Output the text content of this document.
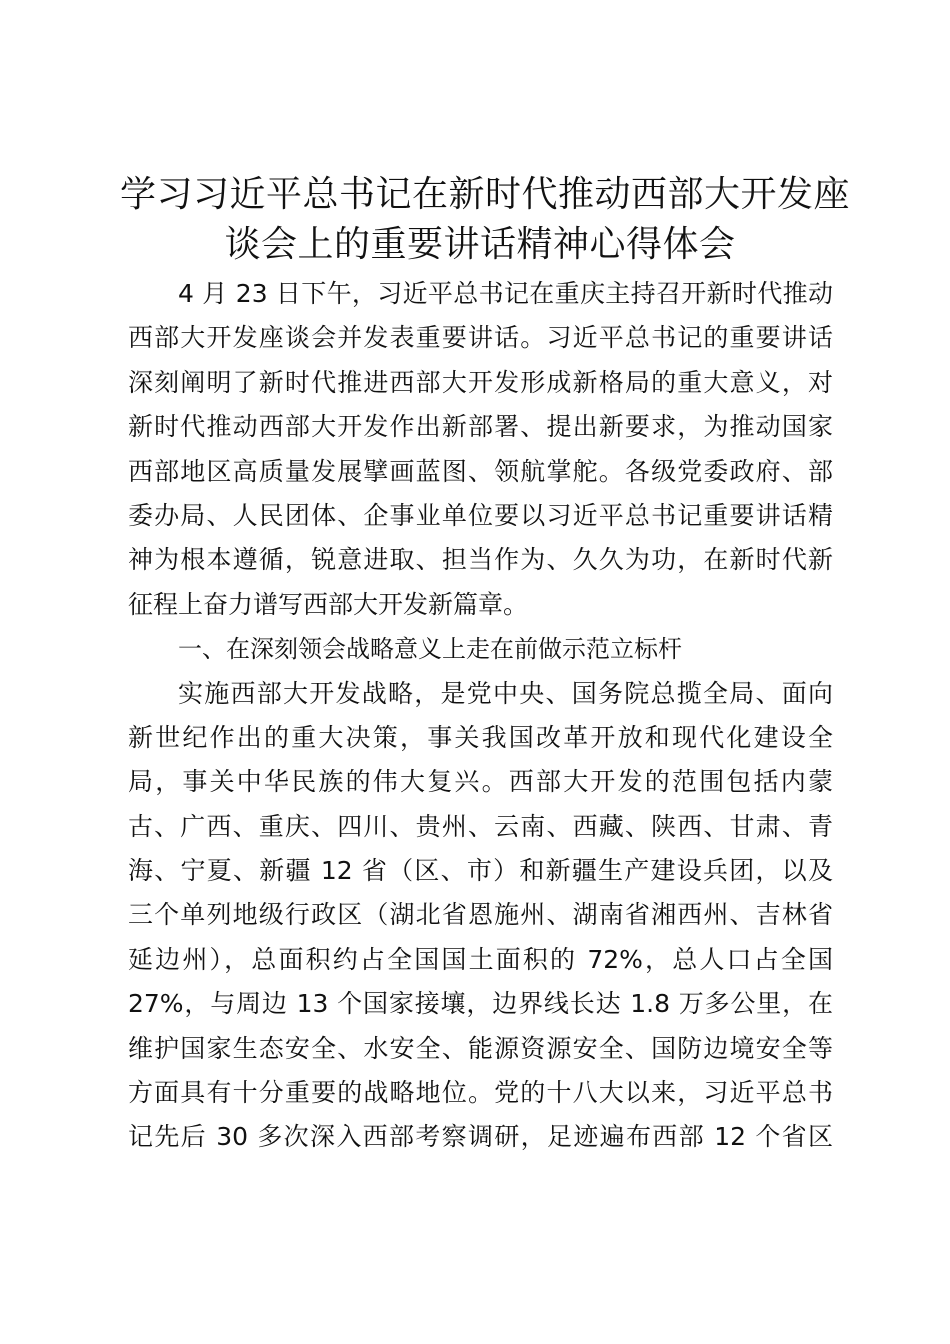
学习习近平总书记在新时代推动西部大开发座
谈会上的重要讲话精神心得体会
4 月 23 日下午，习近平总书记在重庆主持召开新时代推动
西部大开发座谈会并发表重要讲话。习近平总书记的重要讲话
深刻阐明了新时代推进西部大开发形成新格局的重大意义，对
新时代推动西部大开发作出新部署、提出新要求，为推动国家
西部地区高质量发展擘画蓝图、领航掌舵。各级党委政府、部
委办局、人民团体、企事业单位要以习近平总书记重要讲话精
神为根本遵循，锐意进取、担当作为、久久为功，在新时代新
征程上奋力谱写西部大开发新篇章。
一、在深刻领会战略意义上走在前做示范立标杆
实施西部大开发战略，是党中央、国务院总揽全局、面向
新世纪作出的重大决策，事关我国改革开放和现代化建设全
局，事关中华民族的伟大复兴。西部大开发的范围包括内蒙
古、广西、重庆、四川、贵州、云南、西藏、陕西、甘肃、青
海、宁夏、新疆 12 省（区、市）和新疆生产建设兵团，以及
三个单列地级行政区（湖北省恩施州、湖南省湘西州、吉林省
延边州），总面积约占全国国土面积的 72%，总人口占全国
27%，与周边 13 个国家接壤，边界线长达 1.8 万多公里，在
维护国家生态安全、水安全、能源资源安全、国防边境安全等
方面具有十分重要的战略地位。党的十八大以来，习近平总书
记先后 30 多次深入西部考察调研，足迹遍布西部 12 个省区
